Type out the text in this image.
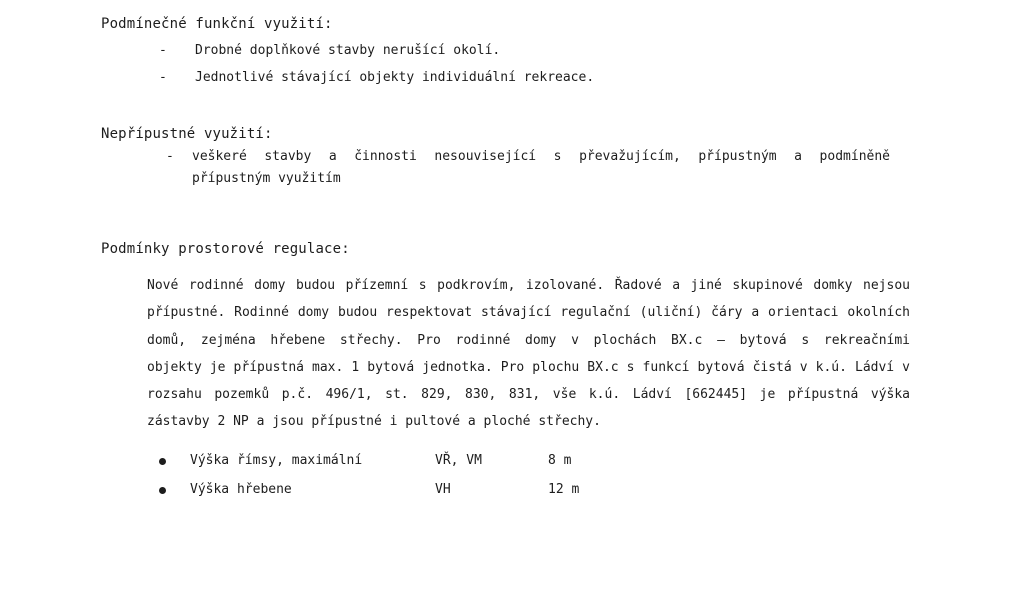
Podmínečné funkční využití:
-	Drobné doplňkové stavby nerušící okolí.
-	Jednotlivé stávající objekty individuální rekreace.
Nepřípustné využití:
-	veškeré stavby a činnosti nesouvisející s převažujícím, přípustným a podmíněně
přípustným využitím
Podmínky prostorové regulace:
Nové rodinné domy budou přízemní s podkrovím, izolované. Řadové a jiné skupinové domky nejsou
přípustné. Rodinné domy budou respektovat stávající regulační (uliční) čáry a orientaci okolních
domů, zejména hřebene střechy. Pro rodinné domy v plochách BX.c – bytová s rekreačními
objekty je přípustná max. 1 bytová jednotka. Pro plochu BX.c s funkcí bytová čistá v k.ú. Ládví v
rozsahu pozemků p.č. 496/1, st. 829, 830, 831, vše k.ú. Ládví [662445] je přípustná výška
zástavby 2 NP a jsou přípustné i pultové a ploché střechy.
Výška římsy, maximální	VŘ, VM	8 m
Výška hřebene	VH	12 m
